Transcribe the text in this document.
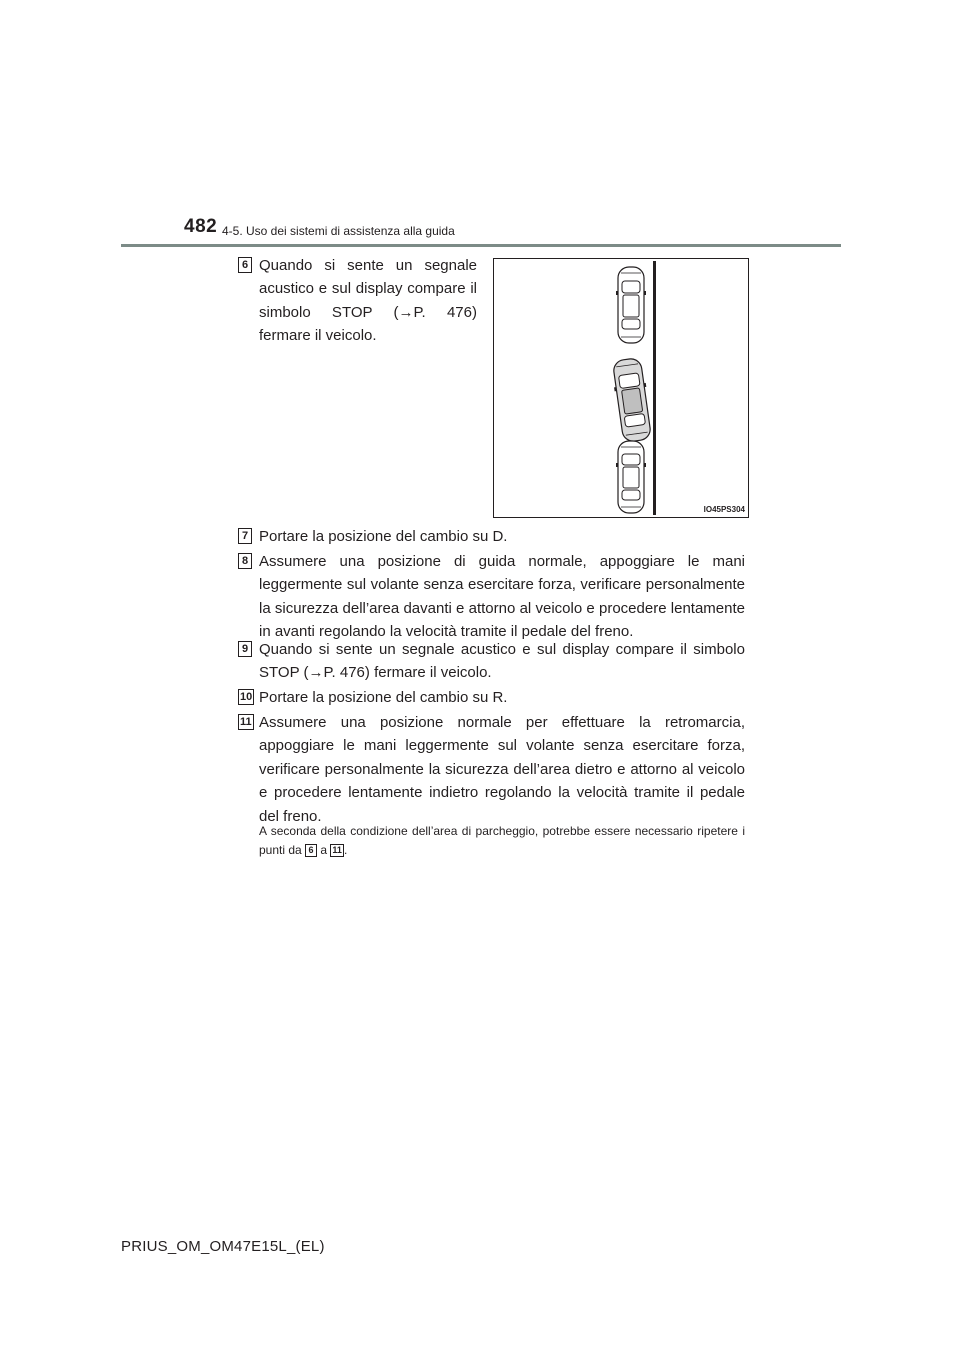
482 4-5. Uso dei sistemi di assistenza alla guida
6 Quando si sente un segnale acustico e sul display compare il simbolo STOP (→P. 476) fermare il veicolo.
IO45PS304
7 Portare la posizione del cambio su D.
8 Assumere una posizione di guida normale, appoggiare le mani leggermente sul volante senza esercitare forza, verificare personalmente la sicurezza dell’area davanti e attorno al veicolo e procedere lentamente in avanti regolando la velocità tramite il pedale del freno.
9 Quando si sente un segnale acustico e sul display compare il simbolo STOP (→P. 476) fermare il veicolo.
10 Portare la posizione del cambio su R.
11 Assumere una posizione normale per effettuare la retromarcia, appoggiare le mani leggermente sul volante senza esercitare forza, verificare personalmente la sicurezza dell’area dietro e attorno al veicolo e procedere lentamente indietro regolando la velocità tramite il pedale del freno.
A seconda della condizione dell’area di parcheggio, potrebbe essere necessario ripetere i punti da 6 a 11 .
PRIUS_OM_OM47E15L_(EL)
